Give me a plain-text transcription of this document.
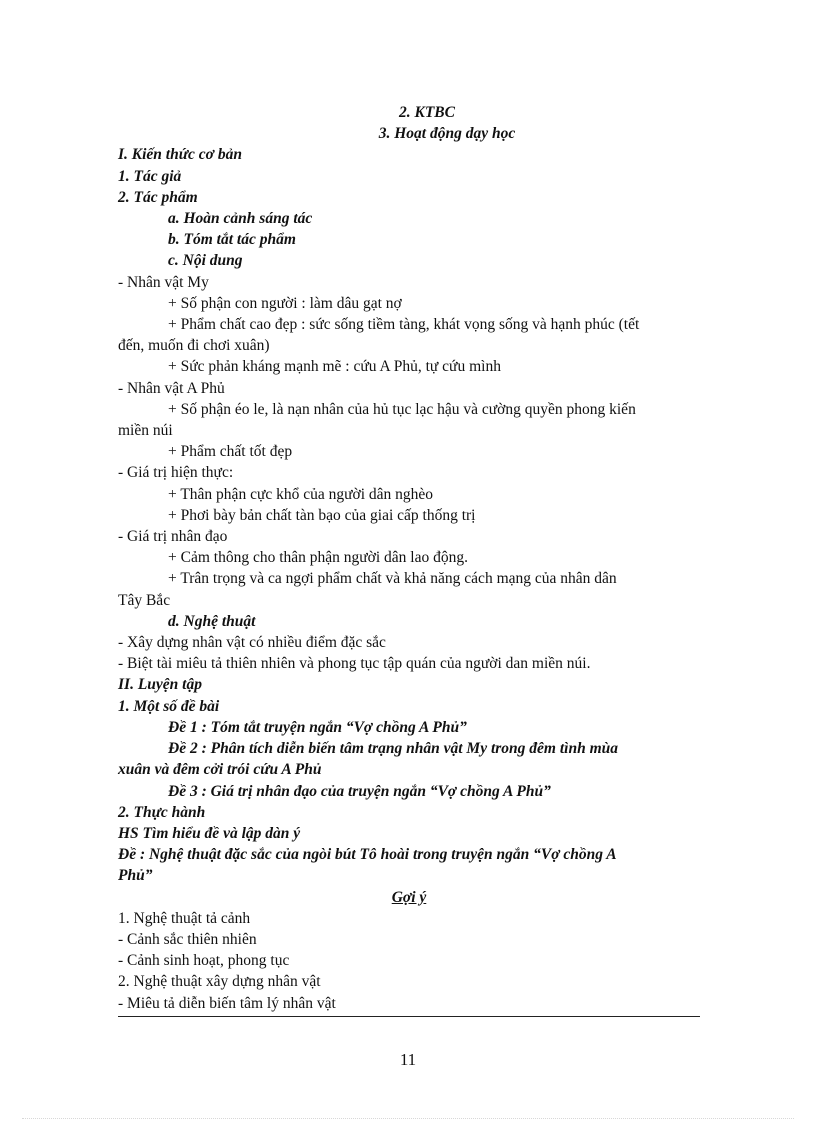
2. KTBC

3. Hoạt động dạy học

I. Kiến thức cơ bản

1. Tác giả

2. Tác phẩm

a. Hoàn cảnh sáng tác

b. Tóm tắt tác phẩm

c. Nội dung

- Nhân vật My

+ Số phận con người : làm dâu gạt nợ

+ Phẩm chất cao đẹp : sức sống tiềm tàng, khát vọng sống và hạnh phúc (tết

đến, muốn đi chơi xuân)

+ Sức phản kháng mạnh mẽ : cứu A Phủ, tự cứu mình

- Nhân vật A Phủ

+ Số phận éo le, là nạn nhân của hủ tục lạc hậu và cường quyền phong kiến

miền núi

+ Phẩm chất tốt đẹp

- Giá trị hiện thực:

+ Thân phận cực khổ của người dân nghèo

+ Phơi bày bản chất tàn bạo của giai cấp thống trị

- Giá trị nhân đạo

+ Cảm thông cho thân phận người dân lao động.

+ Trân trọng và ca ngợi phẩm chất và khả năng cách mạng của nhân dân

Tây Bắc

d. Nghệ thuật

- Xây dựng nhân vật có nhiều điểm đặc sắc

- Biệt tài miêu tả thiên nhiên và phong tục tập quán của người dan miền núi.

II. Luyện tập

1. Một số đề bài

Đề 1 : Tóm tắt truyện ngắn “Vợ chồng A Phủ”

Đề 2 : Phân tích diễn biến tâm trạng nhân vật My trong đêm tình mùa

xuân và đêm cởi trói cứu A Phủ

Đề 3 : Giá trị nhân đạo của truyện ngắn “Vợ chồng A Phủ”

2. Thực hành

HS Tìm hiểu đề và lập dàn ý

Đề : Nghệ thuật đặc sắc của ngòi bút Tô hoài trong truyện ngắn “Vợ chồng A

Phủ”

Gợi ý

1. Nghệ thuật tả cảnh

- Cảnh sắc thiên nhiên

- Cảnh sinh hoạt, phong tục

2. Nghệ thuật xây dựng nhân vật

- Miêu tả diễn biến tâm lý nhân vật

11
